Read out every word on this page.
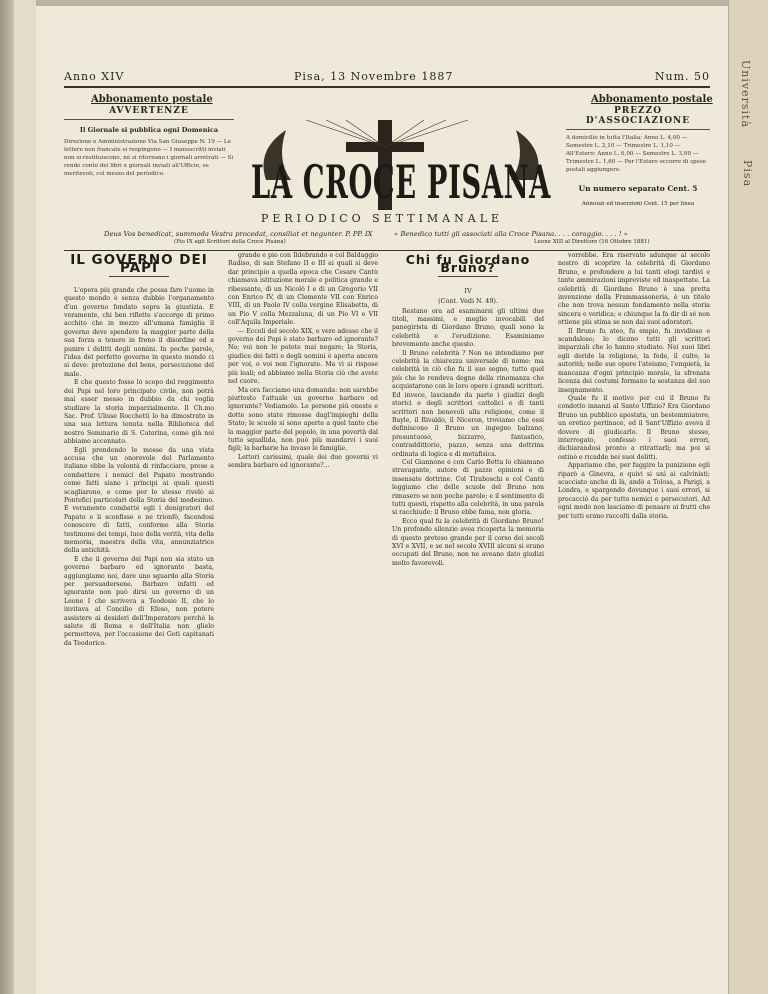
Università
Pisa
Anno XIV	Pisa, 13 Novembre 1887	Num. 50
Abbonamento postale	Abbonamento postale
AVVERTENZE
Il Giornale si pubblica ogni Domenica
Direzione e Amministrazione Via San Giuseppe N. 19 — Le lettere non francate si respingono — I manoscritti inviati non si restituiscono, né si ritornano i giornali arretrati — Si rende conto dei libri e giornali inviati all'Ufficio, se meritevoli, col mezzo del periodico.
PREZZO D'ASSOCIAZIONE
A domicilio in tutta l'Italia: Anno L. 4,00 — Semestre L. 2,10 — Trimestre L. 1,10 — All'Estero: Anno L. 6,00 — Semestre L. 3,00 — Trimestre L. 1,60 — Per l'Estero occorre di spese postali aggiungere.
Un numero separato Cent. 5
Annunzi ed inserzioni Cent. 15 per linea
LA CROCE PISANA
PERIODICO SETTIMANALE
Deus Vos benedicat, summoda Vestra procedat, consiliat et negunter. P. PP. IX
(Pio IX agli Scrittori della Croce Pisana)
« Benedico tutti gli associati alla Croce Pisana. . . . coraggio. . . . ! »
Leone XIII al Direttore (16 Ottobre 1881)
IL GOVERNO DEI PAPI

L'opera più grande che possa fare l'uomo in questo mondo è senza dubbio l'organamento d'un governo fondato sopra la giustizia. E veramente, chi ben riflette s'accorge di primo acchito che in mezzo all'umana famiglia il governo deve spendere la maggior parte della sua forza a tenere in freno il disordine ed a punire i delitti degli uomini. In poche parole, l'idea del perfetto governo in questo mondo ci si deve: protezione del bene, persecuzione del male.

E che questo fosse lo scopo del reggimento dei Papi nel loro principato civile, non potrà mai esser messo in dubbio da chi voglia studiare la storia imparzialmente. Il Ch.mo Sac. Prof. Ulisse Rocchetti lo ha dimostrato in una sua lettura tenuta nella Biblioteca del nostro Seminario di S. Caterina, come già noi abbiamo accennato.

Egli prendendo le mosse da una vista accusa che un onorevole del Parlamento italiano ebbe la volontà di rinfacciare, prese a combattere i nemici del Papato mostrando come fatti siano i principi ai quali questi scagliarono, e come per lo stesso rivelò ai Pontefici particolari della Storia del medesimo. E veramente combatté egli i denigratori del Papato e li sconfisse e ne trionfò, facendosi conoscere di fatti, conforme alla Storia testimone dei tempi, luce della verità, vita della memoria, maestra della vita, annunziatrice della antichità.

E che il governo dei Papi non sia stato un governo barbaro ed ignorante basta, aggiungiamo noi, dare uno sguardo alla Storia per persuadersene. Barbaro infatti ed ignorante non può dirsi un governo di un Leone I che scriveva a Teodosio II, che lo invitava al Concilio di Efeso, non potere assistere ai desideri dell'Imperatore perché la salute di Roma e dell'Italia non glielo permetteva, per l'occasione dei Goti capitanati da Teodorico.

grande e pio con Ildebrando e col Baldaggio Radiso, di san Stefano II e III ai quali si deve dar principio a quella epoca che Cesare Cantù chiamava istituzione morale e politica grande e ribessante, di un Nicolò I e di un Gregorio VII con Enrico IV, di un Clemente VII con Enrico VIII, di un Paolo IV colla vergine Elisabetta, di un Pio V colla Mezzaluna, di un Pio VI e VII coll'Aquila Imperiale.

— Eccoli del secolo XIX, e vere adesso che il governo dei Papi è stato barbaro ed ignorante? No; voi non lo potete mai negare; la Storia, giudice dei fatti e degli uomini è aperta ancora per voi, o voi non l'ignorate. Ma vi si rispose più leali; ed abbiamo nella Storia ciò che avete nel cuore.

Ma ora facciamo una domanda: non sarebbe piuttosto l'attuale un governo barbaro ed ignorante? Vediamolo. Le persone più oneste e dotte sono state rimosse dagl'impieghi della Stato; le scuole si sono aperte a quel tanto che la maggior parte del popolo, in una povertà dal tutto squallida, non può più mandarvi i suoi figli; la barbarie ha invaso le famiglie.

Lettori carissimi, quale dei due governi vi sembra barbaro ed ignorante?...

Chi fu Giordano Bruno?
IV
(Cont. Vedi N. 49).

Restano ora ad esaminarsi gli ultimi due titoli, massimi, e meglio invocabili del panegirista di Giordano Bruno, quali sono la celebrità e l'erudizione. Esaminiamo brevemente anche questo.

Il Bruno celebrità ? Non ne intendiamo per celebrità la chiarezza universale di nome: ma celebrità in ciò che fu il suo segno, tutto quel più che lo rendeva degno della rinomanza che acquistarono con le loro opere i grandi scrittori. Ed invece, lasciando da parte i giudizi degli storici e degli scrittori cattolici e di tanti scrittori non benevoli alla religione, come il Bayle, il Rivaldo, il Niceron, troviamo che essi definiscono il Bruno un ingegno balzano, presuntuoso, bizzarro, fantastico, contraddittorio, pazzo, senza una dottrina ordinata di logica e di metafisica.

Col Giannone e con Carlo Botta lo chiamano stravagante, autore di pazze opinioni e di insensate dottrine. Col Tiraboschi e col Cantù leggiamo che delle scuole del Bruno non rimasero se non poche parole; e il sentimento di tutti questi, rispetto alla celebrità, in una parola si racchiude: il Bruno ebbe fama, non gloria.

Ecco qual fu la celebrità di Giordano Bruno! Un profondo silenzio avea ricoperta la memoria di questo preteso grande per il corso dei secoli XVI e XVII, e se nel secolo XVIII alcuni si erano occupati del Bruno, non ne aveano dato giudizi molto favorevoli.

vorrebbe. Era riservato adunque al secolo nostro di scoprire la celebrità di Giordano Bruno, e profondere a lui tanti elogi tardivi e tante ammirazioni impreviste ed inaspettate. La celebrità di Giordano Bruno è una pretta invenzione della Frammassoneria, è un titolo che non trova nessun fondamento nella storia sincera e veridica; e chiunque la fa dir di sé non ottiene più stima se non dai suoi adoratori.

Il Bruno fu ateo, fu empio, fu invidioso e scandaloso; lo dicono tutti gli scrittori imparziali che lo hanno studiato. Nei suoi libri egli deride la religione, la fede, il culto, le autorità; nelle sue opere l'ateismo, l'empietà, la mancanza d'ogni principio morale, la sfrenata licenza dei costumi formano la sostanza del suo insegnamento.

Quale fu il motivo per cui il Bruno fu condotto innanzi al Santo Uffizio? Era Giordano Bruno un pubblico apostata, un bestemmiatore, un eretico pertinace, ed il Sant'Uffizio aveva il dovere di giudicarlo. Il Bruno stesso, interrogato, confessò i suoi errori, dichiarandosi pronto a ritrattarli; ma poi si ostinò e ricadde nei suoi delitti.

Appariamo che, per fuggire la punizione egli riparò a Ginevra, e quivi si unì ai calvinisti; scacciato anche di là, andò a Tolosa, a Parigi, a Londra, e spargendo dovunque i suoi errori, si procacciò da per tutto nemici e persecutori. Ad ogni modo non lasciamo di pensare ai frutti che per tutti erano raccolti dalla storia.
